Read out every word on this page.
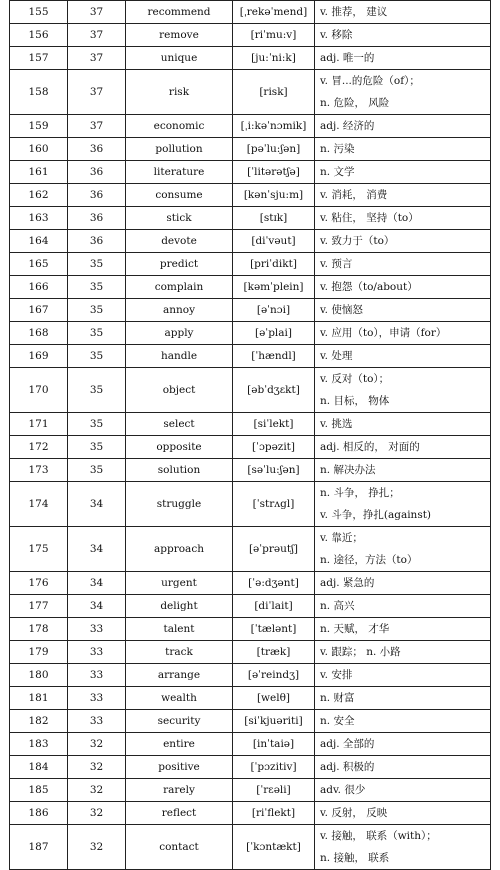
155	37	recommend	[ˌrekəˈmend]	v. 推荐， 建议

156	37	remove	[riˈmu:v]	v. 移除

157	37	unique	[ju:ˈni:k]	adj. 唯一的

158	37	risk	[risk]	v. 冒...的危险（of）；
n. 危险， 风险

159	37	economic	[ˌi:kəˈnɔmik]	adj. 经济的

160	36	pollution	[pəˈlu:ʃən]	n. 污染

161	36	literature	[ˈlitərətʃə]	n. 文学

162	36	consume	[kənˈsju:m]	v. 消耗， 消费

163	36	stick	[stɪk]	v. 粘住， 坚持（to）

164	36	devote	[diˈvəut]	v. 致力于（to）

165	35	predict	[priˈdikt]	v. 预言

166	35	complain	[kəmˈplein]	v. 抱怨（to/about）

167	35	annoy	[əˈnɔi]	v. 使恼怒

168	35	apply	[əˈplai]	v. 应用（to），申请（for）

169	35	handle	[ˈhændl]	v. 处理

170	35	object	[əbˈdʒɛkt]	v. 反对（to）；
n. 目标， 物体

171	35	select	[siˈlekt]	v. 挑选

172	35	opposite	[ˈɔpəzit]	adj. 相反的， 对面的

173	35	solution	[səˈlu:ʃən]	n. 解决办法

174	34	struggle	[ˈstrʌgl]	n. 斗争， 挣扎；
v. 斗争，挣扎(against)

175	34	approach	[əˈprəutʃ]	v. 靠近；
n. 途径，方法（to）

176	34	urgent	[ˈə:dʒənt]	adj. 紧急的

177	34	delight	[diˈlait]	n. 高兴

178	33	talent	[ˈtælənt]	n. 天赋， 才华

179	33	track	[træk]	v. 跟踪； n. 小路

180	33	arrange	[əˈreindʒ]	v. 安排

181	33	wealth	[welθ]	n. 财富

182	33	security	[siˈkjuəriti]	n. 安全

183	32	entire	[inˈtaiə]	adj. 全部的

184	32	positive	[ˈpɔzitiv]	adj. 积极的

185	32	rarely	[ˈrɛəli]	adv. 很少

186	32	reflect	[riˈflekt]	v. 反射， 反映

187	32	contact	[ˈkɔntækt]	v. 接触， 联系（with）；
n. 接触， 联系
